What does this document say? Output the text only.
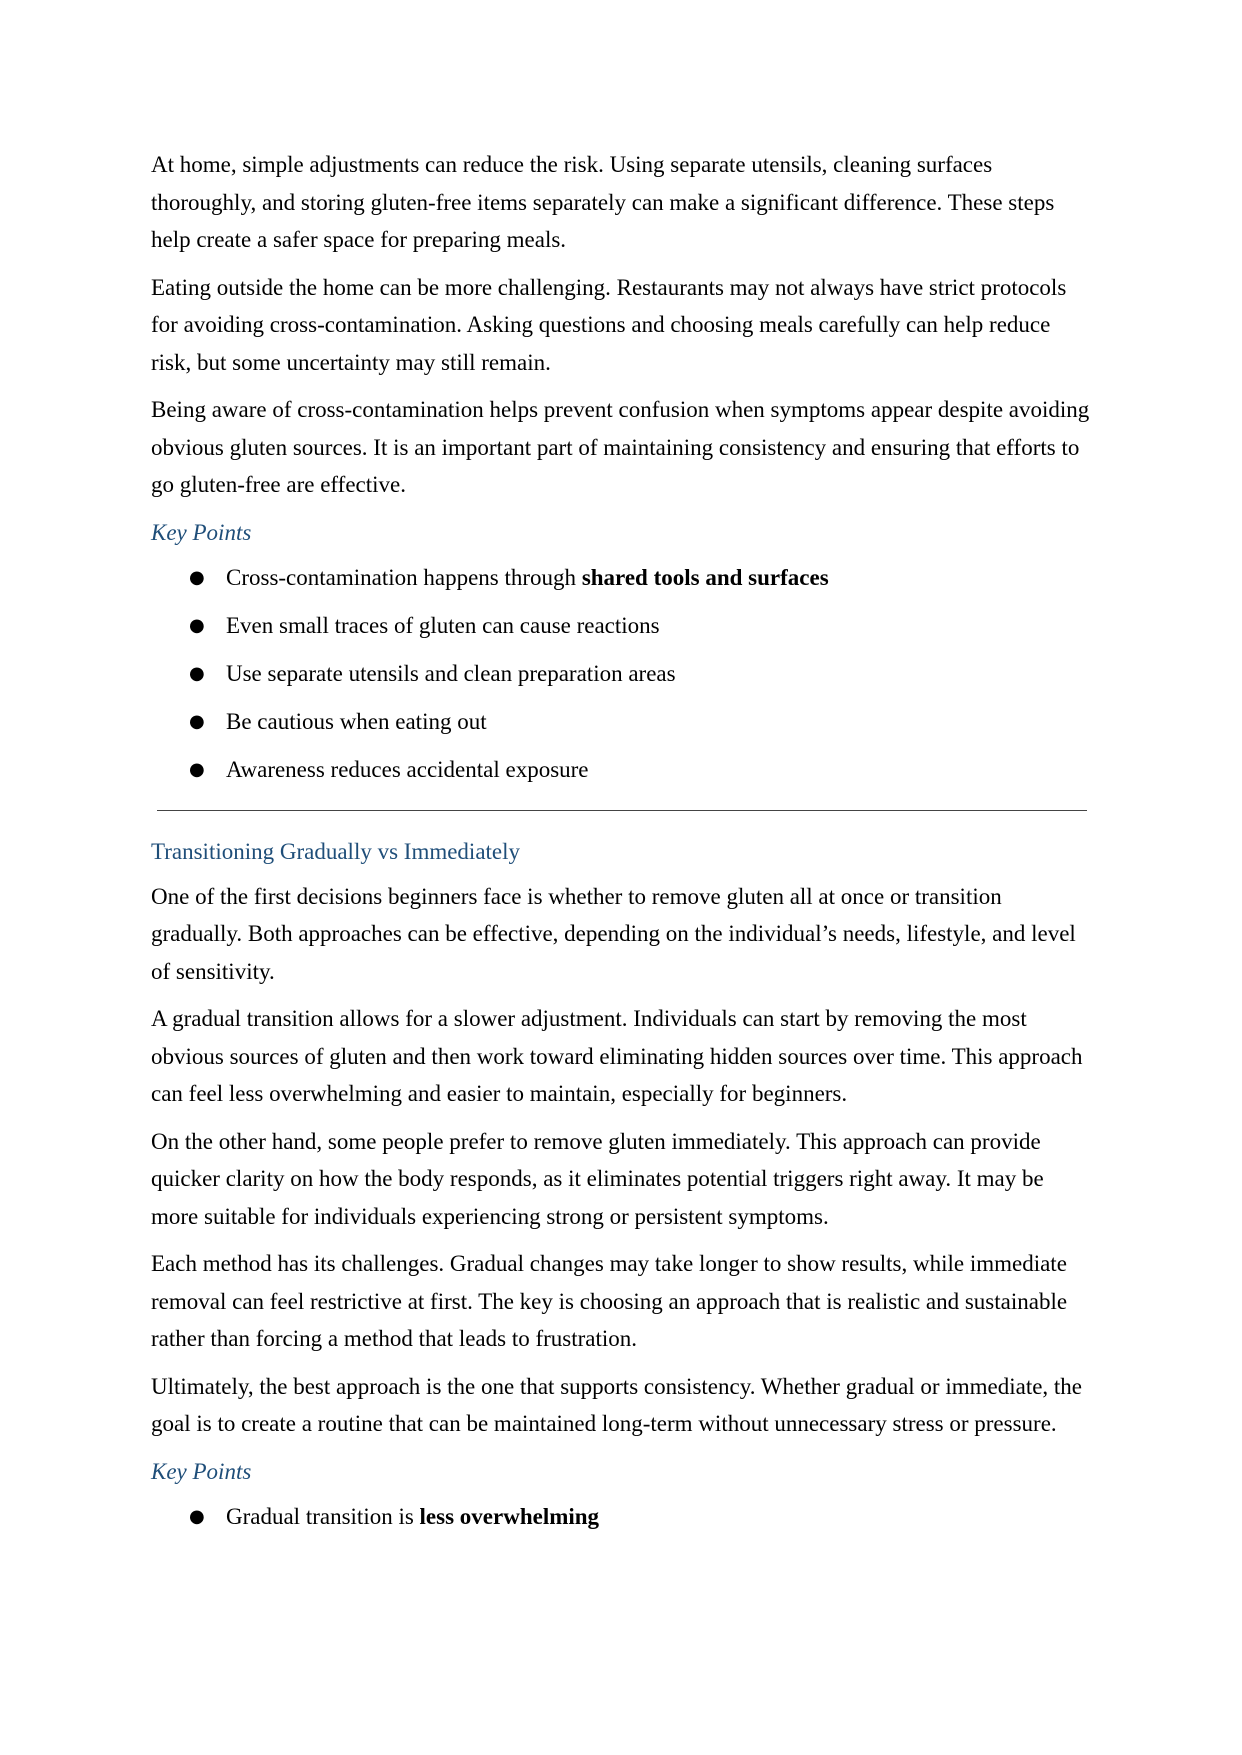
At home, simple adjustments can reduce the risk. Using separate utensils, cleaning surfaces thoroughly, and storing gluten-free items separately can make a significant difference. These steps help create a safer space for preparing meals.

Eating outside the home can be more challenging. Restaurants may not always have strict protocols for avoiding cross-contamination. Asking questions and choosing meals carefully can help reduce risk, but some uncertainty may still remain.

Being aware of cross-contamination helps prevent confusion when symptoms appear despite avoiding obvious gluten sources. It is an important part of maintaining consistency and ensuring that efforts to go gluten-free are effective.

Key Points
● Cross-contamination happens through shared tools and surfaces
● Even small traces of gluten can cause reactions
● Use separate utensils and clean preparation areas
● Be cautious when eating out
● Awareness reduces accidental exposure
Transitioning Gradually vs Immediately

One of the first decisions beginners face is whether to remove gluten all at once or transition gradually. Both approaches can be effective, depending on the individual’s needs, lifestyle, and level of sensitivity.

A gradual transition allows for a slower adjustment. Individuals can start by removing the most obvious sources of gluten and then work toward eliminating hidden sources over time. This approach can feel less overwhelming and easier to maintain, especially for beginners.

On the other hand, some people prefer to remove gluten immediately. This approach can provide quicker clarity on how the body responds, as it eliminates potential triggers right away. It may be more suitable for individuals experiencing strong or persistent symptoms.

Each method has its challenges. Gradual changes may take longer to show results, while immediate removal can feel restrictive at first. The key is choosing an approach that is realistic and sustainable rather than forcing a method that leads to frustration.

Ultimately, the best approach is the one that supports consistency. Whether gradual or immediate, the goal is to create a routine that can be maintained long-term without unnecessary stress or pressure.

Key Points
● Gradual transition is less overwhelming
